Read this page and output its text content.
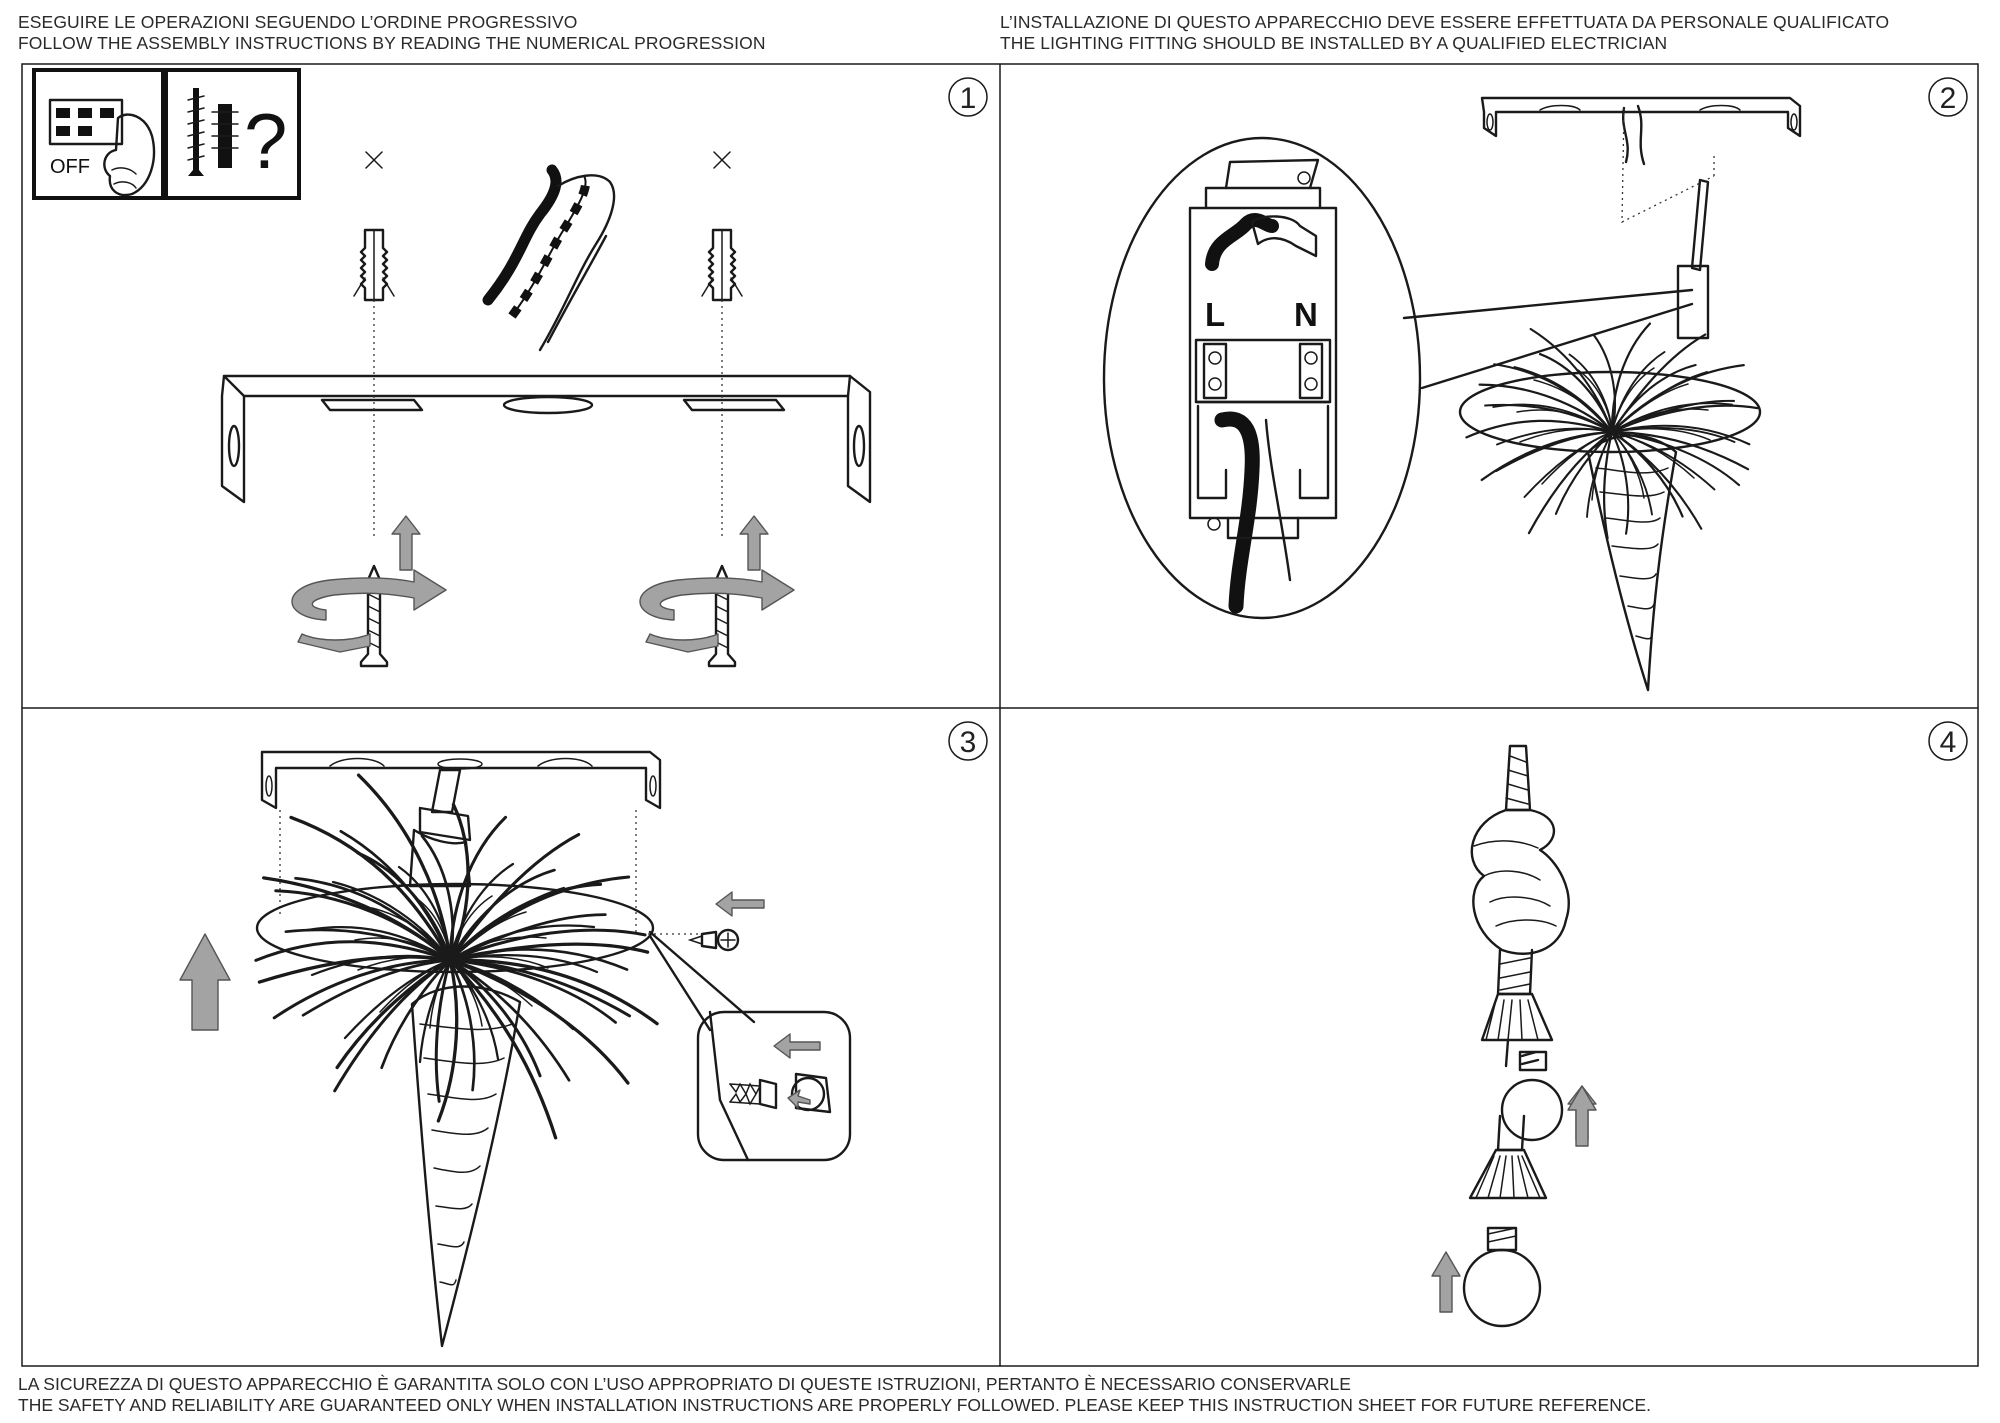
ESEGUIRE LE OPERAZIONI SEGUENDO L’ORDINE PROGRESSIVO
FOLLOW THE ASSEMBLY INSTRUCTIONS BY READING THE NUMERICAL PROGRESSION
L’INSTALLAZIONE DI QUESTO APPARECCHIO DEVE ESSERE EFFETTUATA DA PERSONALE QUALIFICATO
THE LIGHTING FITTING SHOULD BE INSTALLED BY A QUALIFIED ELECTRICIAN
1
OFF ?	2
L N
3	4
LA SICUREZZA DI QUESTO APPARECCHIO È GARANTITA SOLO CON L’USO APPROPRIATO DI QUESTE ISTRUZIONI, PERTANTO È NECESSARIO CONSERVARLE
THE SAFETY AND RELIABILITY ARE GUARANTEED ONLY WHEN INSTALLATION INSTRUCTIONS ARE PROPERLY FOLLOWED. PLEASE KEEP THIS INSTRUCTION SHEET FOR FUTURE REFERENCE.
